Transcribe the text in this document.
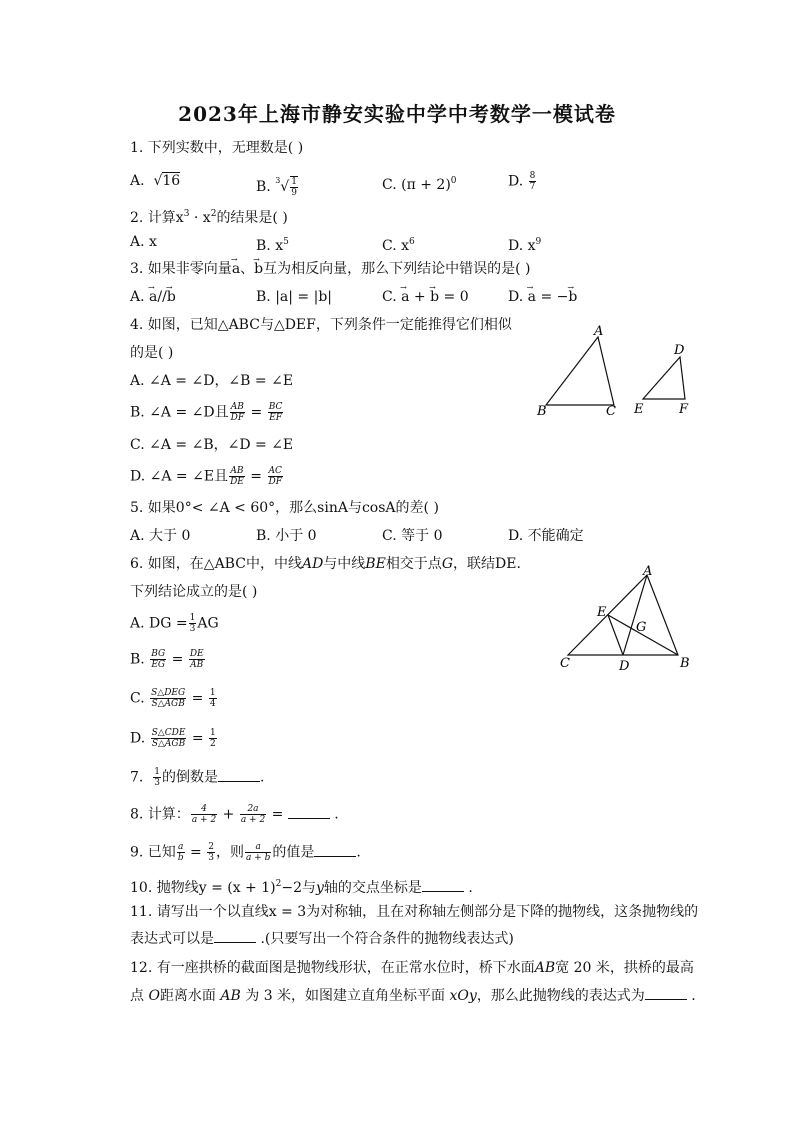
2023年上海市静安实验中学中考数学一模试卷
1. 下列实数中，无理数是( )
A.  √16	B. $^3√ \frac{1}{9}$	C. $(\pi + 2)^0$	D. $\frac{8}{7}$
2. 计算$x^3 \cdot x^2$的结果是( )
A. x	B. $x^5$	C. $x^6$	D. $x^9$
3. 如果非零向量→ a、→ b互为相反向量，那么下列结论中错误的是( )
A. → a//→ b	B. |a| = |b|	C. → a + → b = 0	D. → a = −→ b
4. 如图，已知△ABC与△DEF，下列条件一定能推得它们相似
的是( )
A. ∠A = ∠D，∠B = ∠E
B. ∠A = ∠D且 $\frac{AB}{DF} = \frac{BC}{EF}$
C. ∠A = ∠B，∠D = ∠E
D. ∠A = ∠E且 $\frac{AB}{DE} = \frac{AC}{DF}$
A
B	C
D
E	F
5. 如果0°< ∠A < 60°，那么sinA与cosA的差( )
A. 大于 0	B. 小于 0	C. 等于 0	D. 不能确定
6. 如图，在△ABC中，中线AD与中线BE相交于点G，联结DE.
下列结论成立的是( )
A. DG = $\frac{1}{3}$ AG
B. $\frac{BG}{EG} = \frac{DE}{AB}$
C. $\frac{\text{S△DEG}}{\text{S△AGB}} = \frac{1}{4}$
D. $\frac{\text{S△CDE}}{\text{S△AGB}} = \frac{1}{2}$
A
E
G
C	D	B
7. $\frac{1}{3}$ 的倒数是	.
8. 计算： $\frac{4}{a + 2} + \frac{2a}{a + 2}$ =	.
9. 已知 $\frac{a}{b} = \frac{2}{3}$ ，则 $\frac{a}{a + b}$ 的值是	.
10. 抛物线$y = (x + 1)^2-2$与y轴的交点坐标是	.
11. 请写出一个以直线x = 3为对称轴，且在对称轴左侧部分是下降的抛物线，这条抛物线的
表达式可以是	.(只要写出一个符合条件的抛物线表达式)
12. 有一座拱桥的截面图是抛物线形状，在正常水位时，桥下水面AB宽 20 米，拱桥的最高
点 O距离水面 AB 为 3 米，如图建立直角坐标平面 xOy，那么此抛物线的表达式为	.
